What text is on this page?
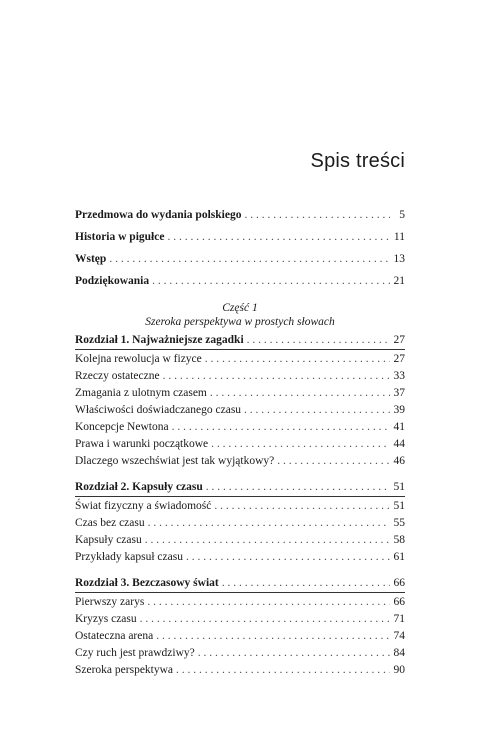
Spis treści
Przedmowa do wydania polskiego . . .	5
Historia w pigułce . . .	11
Wstęp . . .	13
Podziękowania . . .	21
Część 1
Szeroka perspektywa w prostych słowach
Rozdział 1. Najważniejsze zagadki . . .	27
Kolejna rewolucja w fizyce . . .	27
Rzeczy ostateczne . . .	33
Zmagania z ulotnym czasem . . .	37
Właściwości doświadczanego czasu . . .	39
Koncepcje Newtona . . .	41
Prawa i warunki początkowe . . .	44
Dlaczego wszechświat jest tak wyjątkowy? . . .	46
Rozdział 2. Kapsuły czasu . . .	51
Świat fizyczny a świadomość . . .	51
Czas bez czasu . . .	55
Kapsuły czasu . . .	58
Przykłady kapsuł czasu . . .	61
Rozdział 3. Bezczasowy świat . . .	66
Pierwszy zarys . . .	66
Kryzys czasu . . .	71
Ostateczna arena . . .	74
Czy ruch jest prawdziwy? . . .	84
Szeroka perspektywa . . .	90
